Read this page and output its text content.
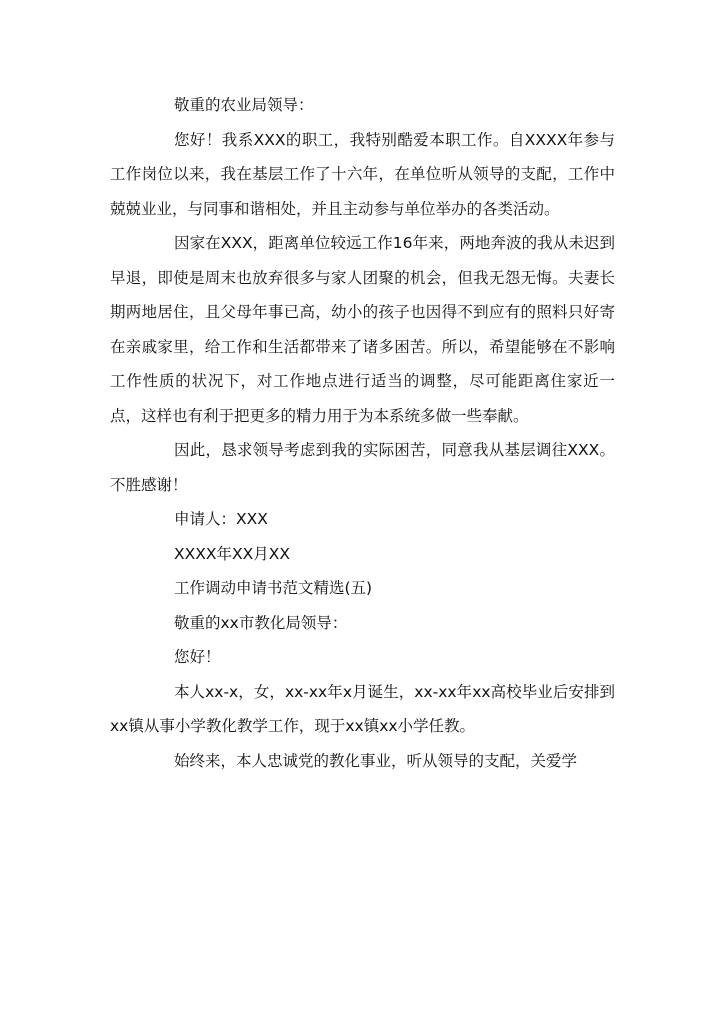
敬重的农业局领导：

您好！我系XXX的职工，我特别酷爱本职工作。自XXXX年参与工作岗位以来，我在基层工作了十六年，在单位听从领导的支配，工作中兢兢业业，与同事和谐相处，并且主动参与单位举办的各类活动。

因家在XXX，距离单位较远工作16年来，两地奔波的我从未迟到早退，即使是周末也放弃很多与家人团聚的机会，但我无怨无悔。夫妻长期两地居住，且父母年事已高，幼小的孩子也因得不到应有的照料只好寄在亲戚家里，给工作和生活都带来了诸多困苦。所以，希望能够在不影响工作性质的状况下，对工作地点进行适当的调整，尽可能距离住家近一点，这样也有利于把更多的精力用于为本系统多做一些奉献。

因此，恳求领导考虑到我的实际困苦，同意我从基层调往XXX。不胜感谢！

申请人：XXX

XXXX年XX月XX

工作调动申请书范文精选(五)

敬重的xx市教化局领导：

您好！

本人xx-x，女，xx-xx年x月诞生，xx-xx年xx高校毕业后安排到xx镇从事小学教化教学工作，现于xx镇xx小学任教。

始终来，本人忠诚党的教化事业，听从领导的支配，关爱学
